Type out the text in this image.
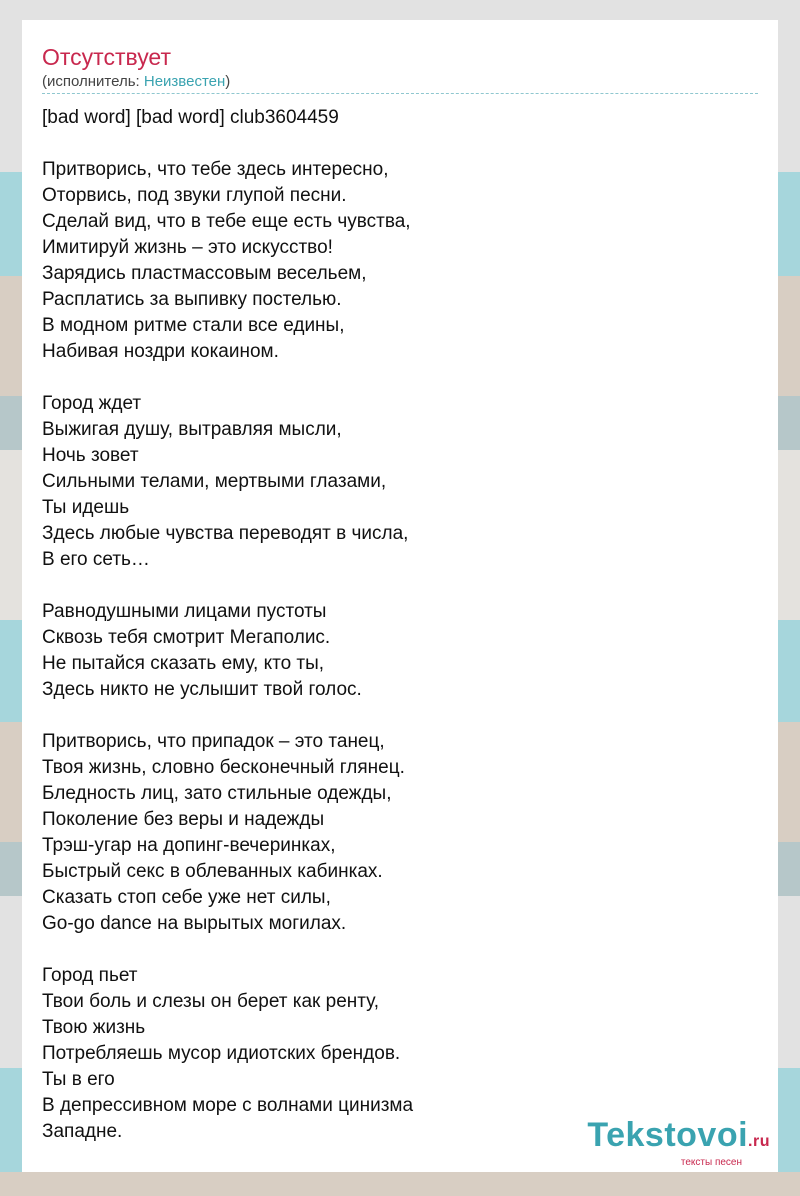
Отсутствует
(исполнитель: Неизвестен)
[bad word] [bad word] club3604459

Притворись, что тебе здесь интересно,
Оторвись, под звуки глупой песни.
Сделай вид, что в тебе еще есть чувства,
Имитируй жизнь – это искусство!
Зарядись пластмассовым весельем,
Расплатись за выпивку постелью.
В модном ритме стали все едины,
Набивая ноздри кокаином.

Город ждет
Выжигая душу, вытравляя мысли,
Ночь зовет
Сильными телами, мертвыми глазами,
Ты идешь
Здесь любые чувства переводят в числа,
В его сеть…

Равнодушными лицами пустоты
Сквозь тебя смотрит Мегаполис.
Не пытайся сказать ему, кто ты,
Здесь никто не услышит твой голос.

Притворись, что припадок – это танец,
Твоя жизнь, словно бесконечный глянец.
Бледность лиц, зато стильные одежды,
Поколение без веры и надежды
Трэш-угар на допинг-вечеринках,
Быстрый секс в облеванных кабинках.
Сказать стоп себе уже нет силы,
Go-go dance на вырытых могилах.

Город пьет
Твои боль и слезы он берет как ренту,
Твою жизнь
Потребляешь мусор идиотских брендов.
Ты в его
В депрессивном море с волнами цинизма
Западне.	Tekstovoi.ru
тексты песен
